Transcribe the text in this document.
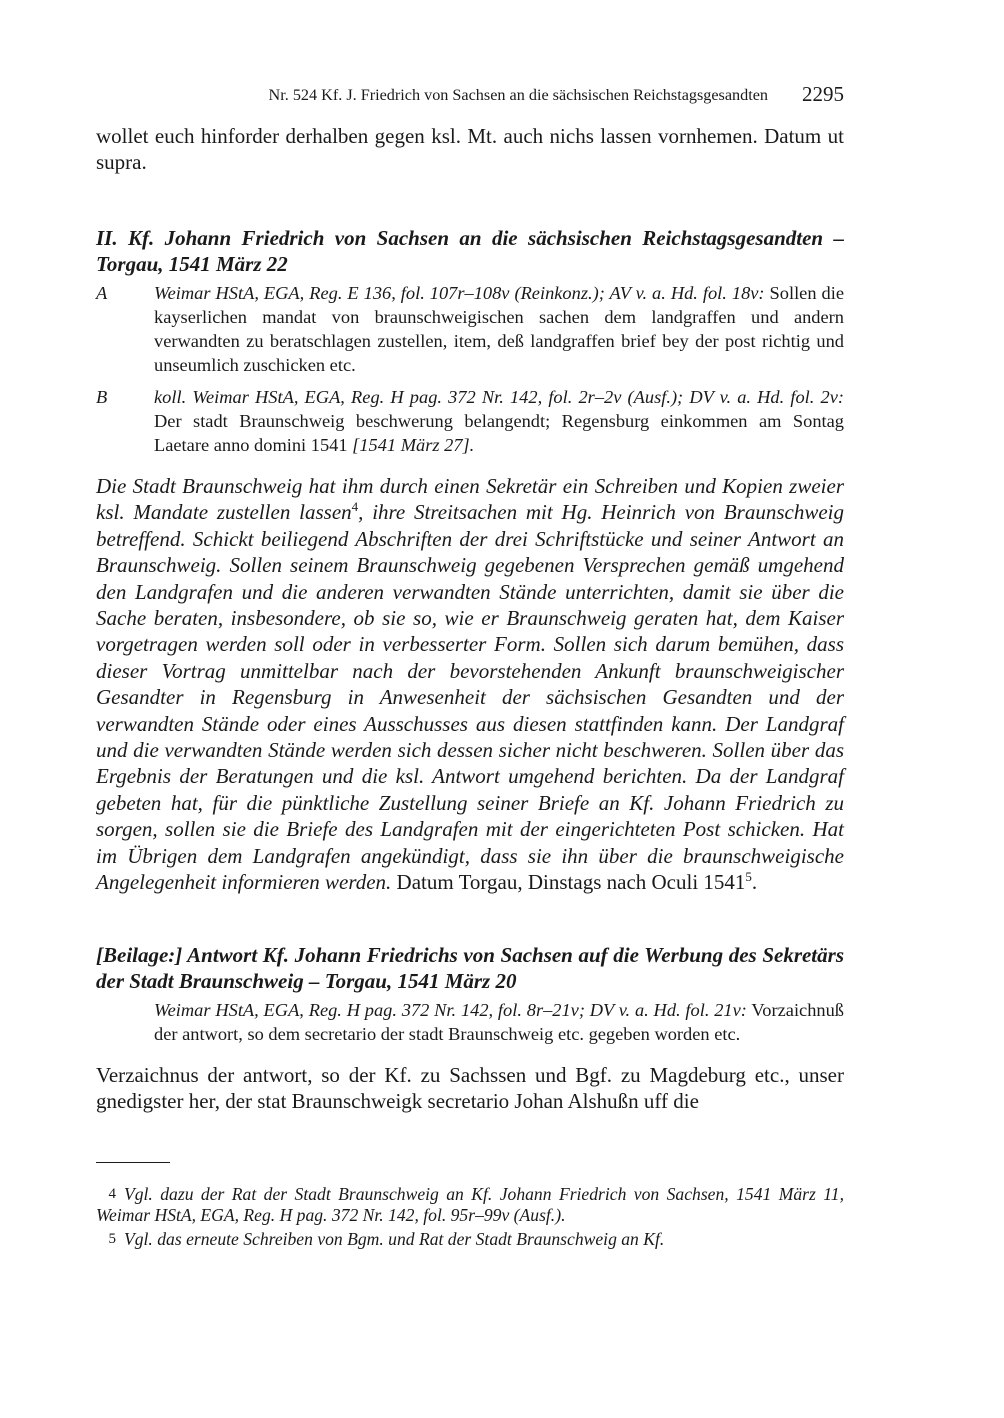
Nr. 524 Kf. J. Friedrich von Sachsen an die sächsischen Reichstagsgesandten 2295

wollet euch hinforder derhalben gegen ksl. Mt. auch nichs lassen vornhemen. Datum ut supra.

II. Kf. Johann Friedrich von Sachsen an die sächsischen Reichstagsgesandten – Torgau, 1541 März 22
A	Weimar HStA, EGA, Reg. E 136, fol. 107r–108v (Reinkonz.); AV v. a. Hd. fol. 18v: Sollen die kayserlichen mandat von braunschweigischen sachen dem landgraffen und andern verwandten zu beratschlagen zustellen, item, deß landgraffen brief bey der post richtig und unseumlich zuschicken etc.
B	koll. Weimar HStA, EGA, Reg. H pag. 372 Nr. 142, fol. 2r–2v (Ausf.); DV v. a. Hd. fol. 2v: Der stadt Braunschweig beschwerung belangendt; Regensburg einkommen am Sontag Laetare anno domini 1541 [1541 März 27].

Die Stadt Braunschweig hat ihm durch einen Sekretär ein Schreiben und Kopien zweier ksl. Mandate zustellen lassen$^4$, ihre Streitsachen mit Hg. Heinrich von Braunschweig betreffend. Schickt beiliegend Abschriften der drei Schriftstücke und seiner Antwort an Braunschweig. Sollen seinem Braunschweig gegebenen Versprechen gemäß umgehend den Landgrafen und die anderen verwandten Stände unterrichten, damit sie über die Sache beraten, insbesondere, ob sie so, wie er Braunschweig geraten hat, dem Kaiser vorgetragen werden soll oder in verbesserter Form. Sollen sich darum bemühen, dass dieser Vortrag unmittelbar nach der bevorstehenden Ankunft braunschweigischer Gesandter in Regensburg in Anwesenheit der sächsischen Gesandten und der verwandten Stände oder eines Ausschusses aus diesen stattfinden kann. Der Landgraf und die verwandten Stände werden sich dessen sicher nicht beschweren. Sollen über das Ergebnis der Beratungen und die ksl. Antwort umgehend berichten. Da der Landgraf gebeten hat, für die pünktliche Zustellung seiner Briefe an Kf. Johann Friedrich zu sorgen, sollen sie die Briefe des Landgrafen mit der eingerichteten Post schicken. Hat im Übrigen dem Landgrafen angekündigt, dass sie ihn über die braunschweigische Angelegenheit informieren werden. Datum Torgau, Dinstags nach Oculi 1541$^5$.

[Beilage:] Antwort Kf. Johann Friedrichs von Sachsen auf die Werbung des Sekretärs der Stadt Braunschweig – Torgau, 1541 März 20
Weimar HStA, EGA, Reg. H pag. 372 Nr. 142, fol. 8r–21v; DV v. a. Hd. fol. 21v: Vorzaichnuß der antwort, so dem secretario der stadt Braunschweig etc. gegeben worden etc.

Verzaichnus der antwort, so der Kf. zu Sachssen und Bgf. zu Magdeburg etc., unser gnedigster her, der stat Braunschweigk secretario Johan Alshußn uff die

4 Vgl. dazu der Rat der Stadt Braunschweig an Kf. Johann Friedrich von Sachsen, 1541 März 11, Weimar HStA, EGA, Reg. H pag. 372 Nr. 142, fol. 95r–99v (Ausf.).

5 Vgl. das erneute Schreiben von Bgm. und Rat der Stadt Braunschweig an Kf.
